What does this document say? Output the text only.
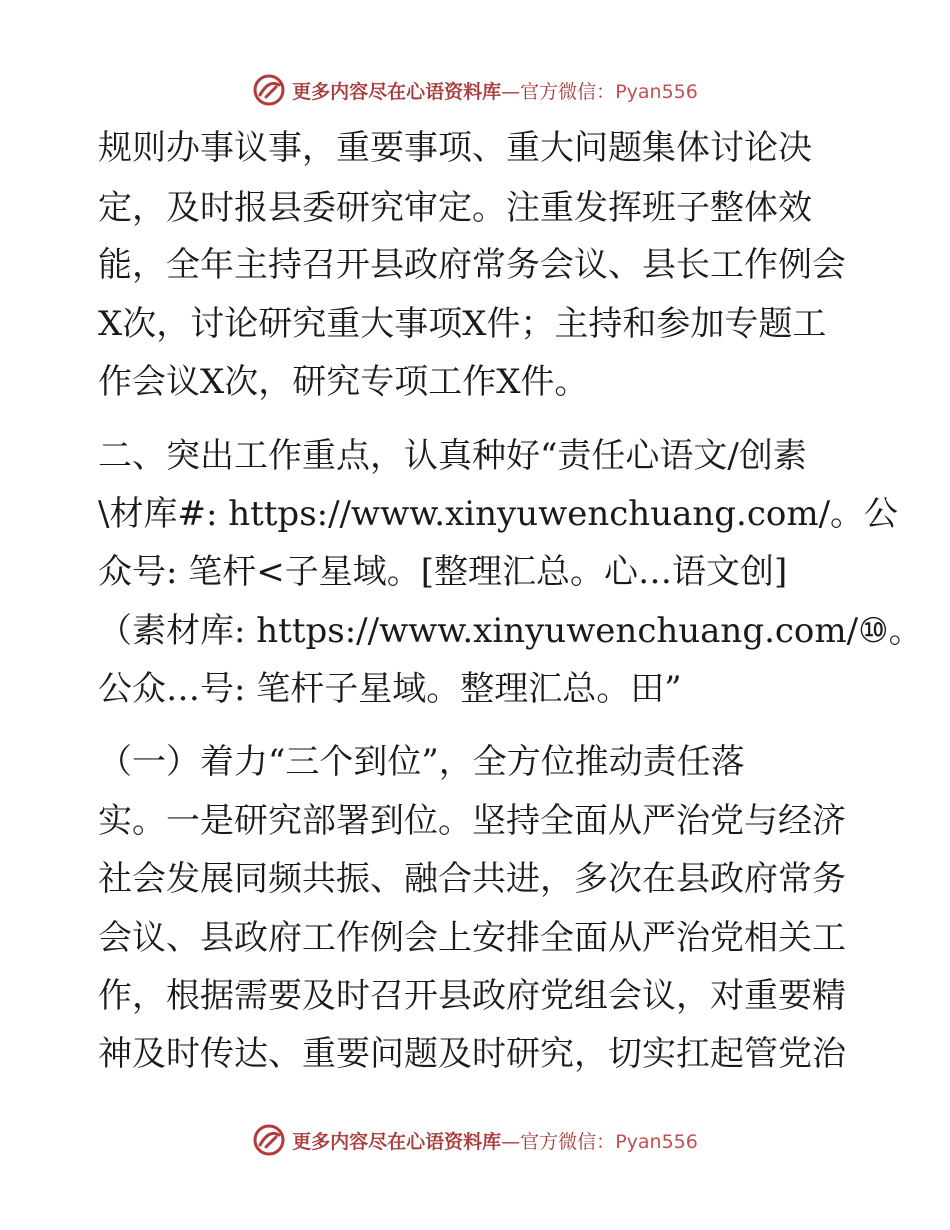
更多内容尽在心语资料库—官方微信：Pyan556
规则办事议事，重要事项、重大问题集体讨论决
定，及时报县委研究审定。注重发挥班子整体效
能，全年主持召开县政府常务会议、县长工作例会
X次，讨论研究重大事项X件；主持和参加专题工
作会议X次，研究专项工作X件。
二、突出工作重点，认真种好“责任心语文/创素
\材库#: https://www.xinyuwenchuang.com/。公
众号: 笔杆<子星域。[整理汇总。心…语文创]
（素材库: https://www.xinyuwenchuang.com/⑩。
公众…号: 笔杆子星域。整理汇总。田”
（一）着力“三个到位”，全方位推动责任落
实。一是研究部署到位。坚持全面从严治党与经济
社会发展同频共振、融合共进，多次在县政府常务
会议、县政府工作例会上安排全面从严治党相关工
作，根据需要及时召开县政府党组会议，对重要精
神及时传达、重要问题及时研究，切实扛起管党治
更多内容尽在心语资料库—官方微信：Pyan556
